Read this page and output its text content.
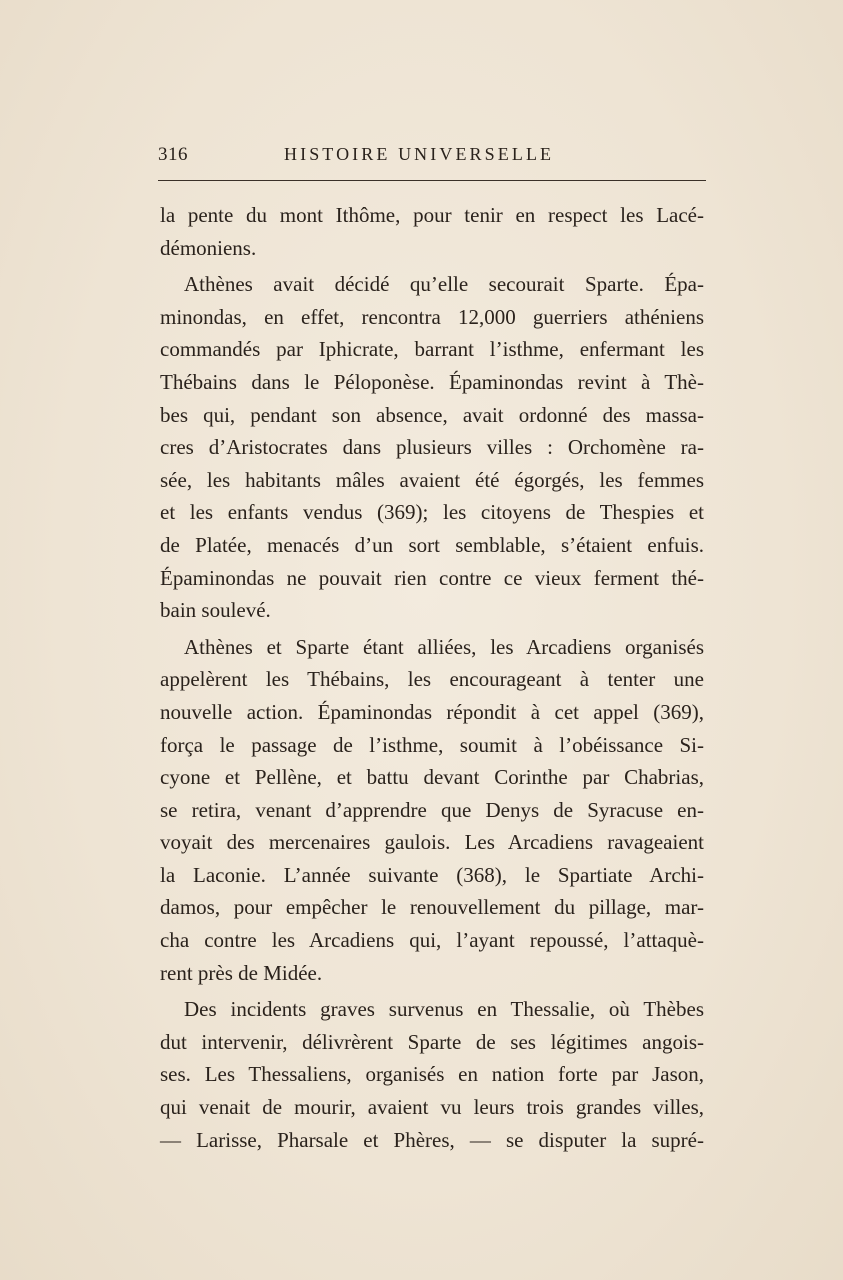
316	HISTOIRE UNIVERSELLE
la pente du mont Ithôme, pour tenir en respect les Lacé-
démoniens.
Athènes avait décidé qu’elle secourait Sparte. Épa-
minondas, en effet, rencontra 12,000 guerriers athéniens
commandés par Iphicrate, barrant l’isthme, enfermant les
Thébains dans le Péloponèse. Épaminondas revint à Thè-
bes qui, pendant son absence, avait ordonné des massa-
cres d’Aristocrates dans plusieurs villes : Orchomène ra-
sée, les habitants mâles avaient été égorgés, les femmes
et les enfants vendus (369); les citoyens de Thespies et
de Platée, menacés d’un sort semblable, s’étaient enfuis.
Épaminondas ne pouvait rien contre ce vieux ferment thé-
bain soulevé.
Athènes et Sparte étant alliées, les Arcadiens organisés
appelèrent les Thébains, les encourageant à tenter une
nouvelle action. Épaminondas répondit à cet appel (369),
força le passage de l’isthme, soumit à l’obéissance Si-
cyone et Pellène, et battu devant Corinthe par Chabrias,
se retira, venant d’apprendre que Denys de Syracuse en-
voyait des mercenaires gaulois. Les Arcadiens ravageaient
la Laconie. L’année suivante (368), le Spartiate Archi-
damos, pour empêcher le renouvellement du pillage, mar-
cha contre les Arcadiens qui, l’ayant repoussé, l’attaquè-
rent près de Midée.
Des incidents graves survenus en Thessalie, où Thèbes
dut intervenir, délivrèrent Sparte de ses légitimes angois-
ses. Les Thessaliens, organisés en nation forte par Jason,
qui venait de mourir, avaient vu leurs trois grandes villes,
— Larisse, Pharsale et Phères, — se disputer la supré-
